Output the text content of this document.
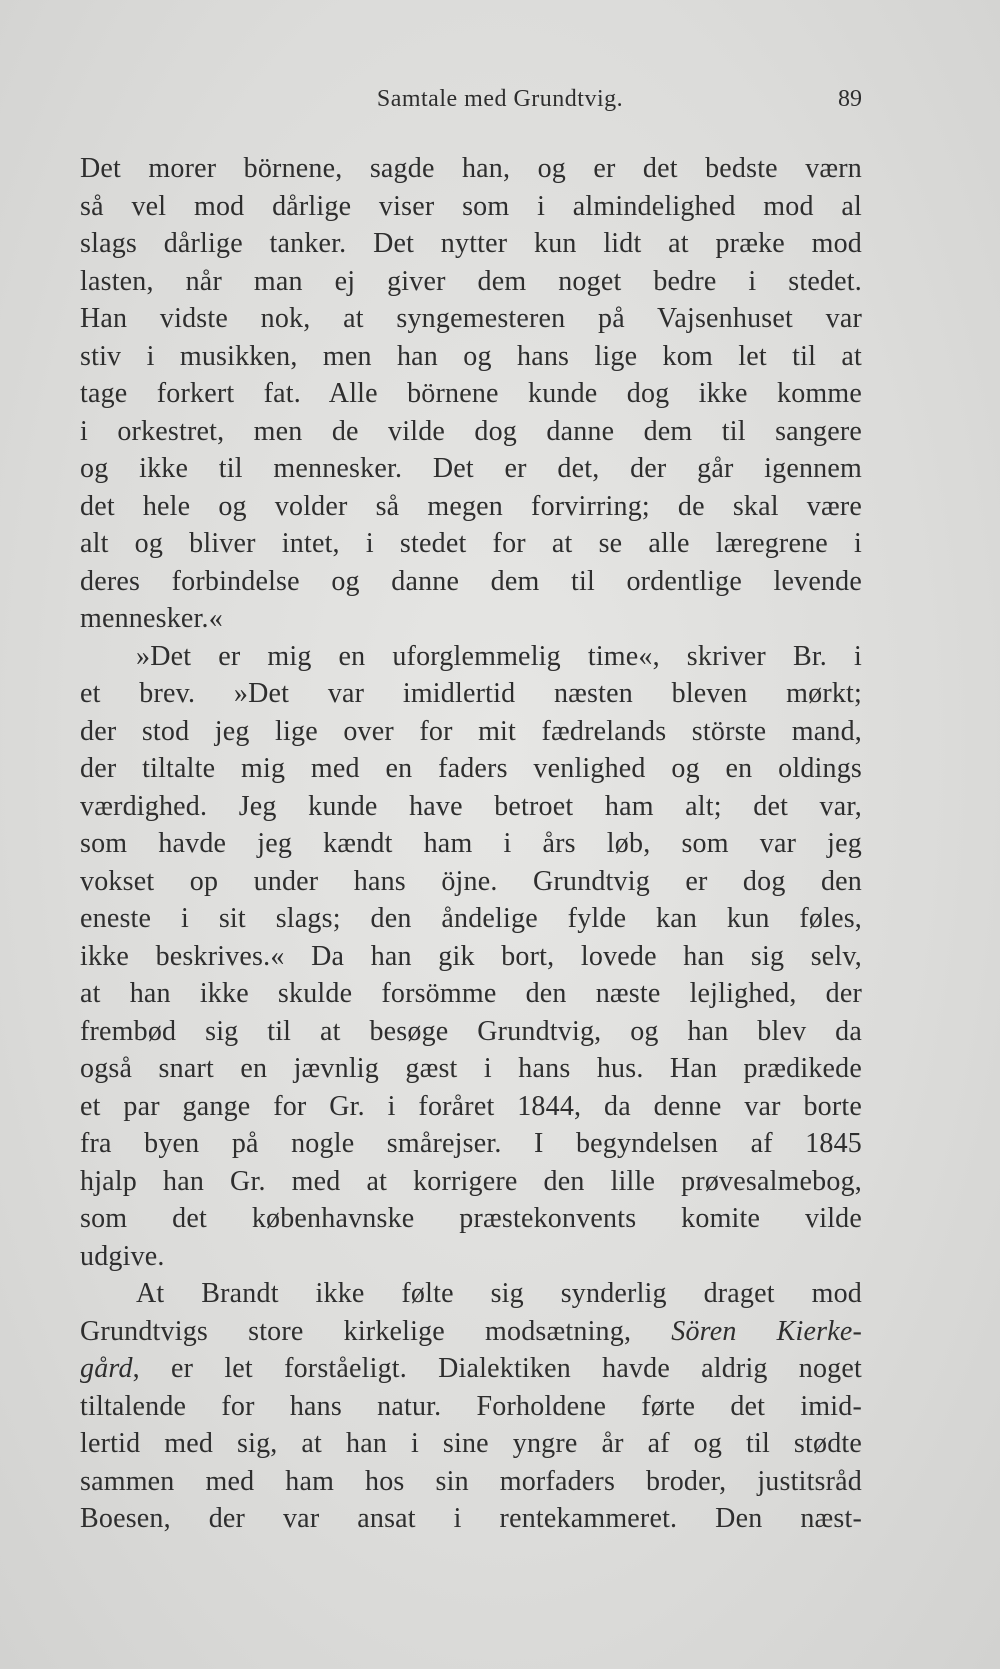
Samtale med Grundtvig.	89
Det morer börnene, sagde han, og er det bedste værn
så vel mod dårlige viser som i almindelighed mod al
slags dårlige tanker. Det nytter kun lidt at præke mod
lasten, når man ej giver dem noget bedre i stedet.
Han vidste nok, at syngemesteren på Vajsenhuset var
stiv i musikken, men han og hans lige kom let til at
tage forkert fat. Alle börnene kunde dog ikke komme
i orkestret, men de vilde dog danne dem til sangere
og ikke til mennesker. Det er det, der går igennem
det hele og volder så megen forvirring; de skal være
alt og bliver intet, i stedet for at se alle læregrene i
deres forbindelse og danne dem til ordentlige levende
mennesker.«
»Det er mig en uforglemmelig time«, skriver Br. i
et brev. »Det var imidlertid næsten bleven mørkt;
der stod jeg lige over for mit fædrelands störste mand,
der tiltalte mig med en faders venlighed og en oldings
værdighed. Jeg kunde have betroet ham alt; det var,
som havde jeg kændt ham i års løb, som var jeg
vokset op under hans öjne. Grundtvig er dog den
eneste i sit slags; den åndelige fylde kan kun føles,
ikke beskrives.« Da han gik bort, lovede han sig selv,
at han ikke skulde forsömme den næste lejlighed, der
frembød sig til at besøge Grundtvig, og han blev da
også snart en jævnlig gæst i hans hus. Han prædikede
et par gange for Gr. i foråret 1844, da denne var borte
fra byen på nogle smårejser. I begyndelsen af 1845
hjalp han Gr. med at korrigere den lille prøvesalmebog,
som det københavnske præstekonvents komite vilde
udgive.
At Brandt ikke følte sig synderlig draget mod
Grundtvigs store kirkelige modsætning, Sören Kierke-
gård, er let forståeligt. Dialektiken havde aldrig noget
tiltalende for hans natur. Forholdene førte det imid-
lertid med sig, at han i sine yngre år af og til stødte
sammen med ham hos sin morfaders broder, justitsråd
Boesen, der var ansat i rentekammeret. Den næst-
